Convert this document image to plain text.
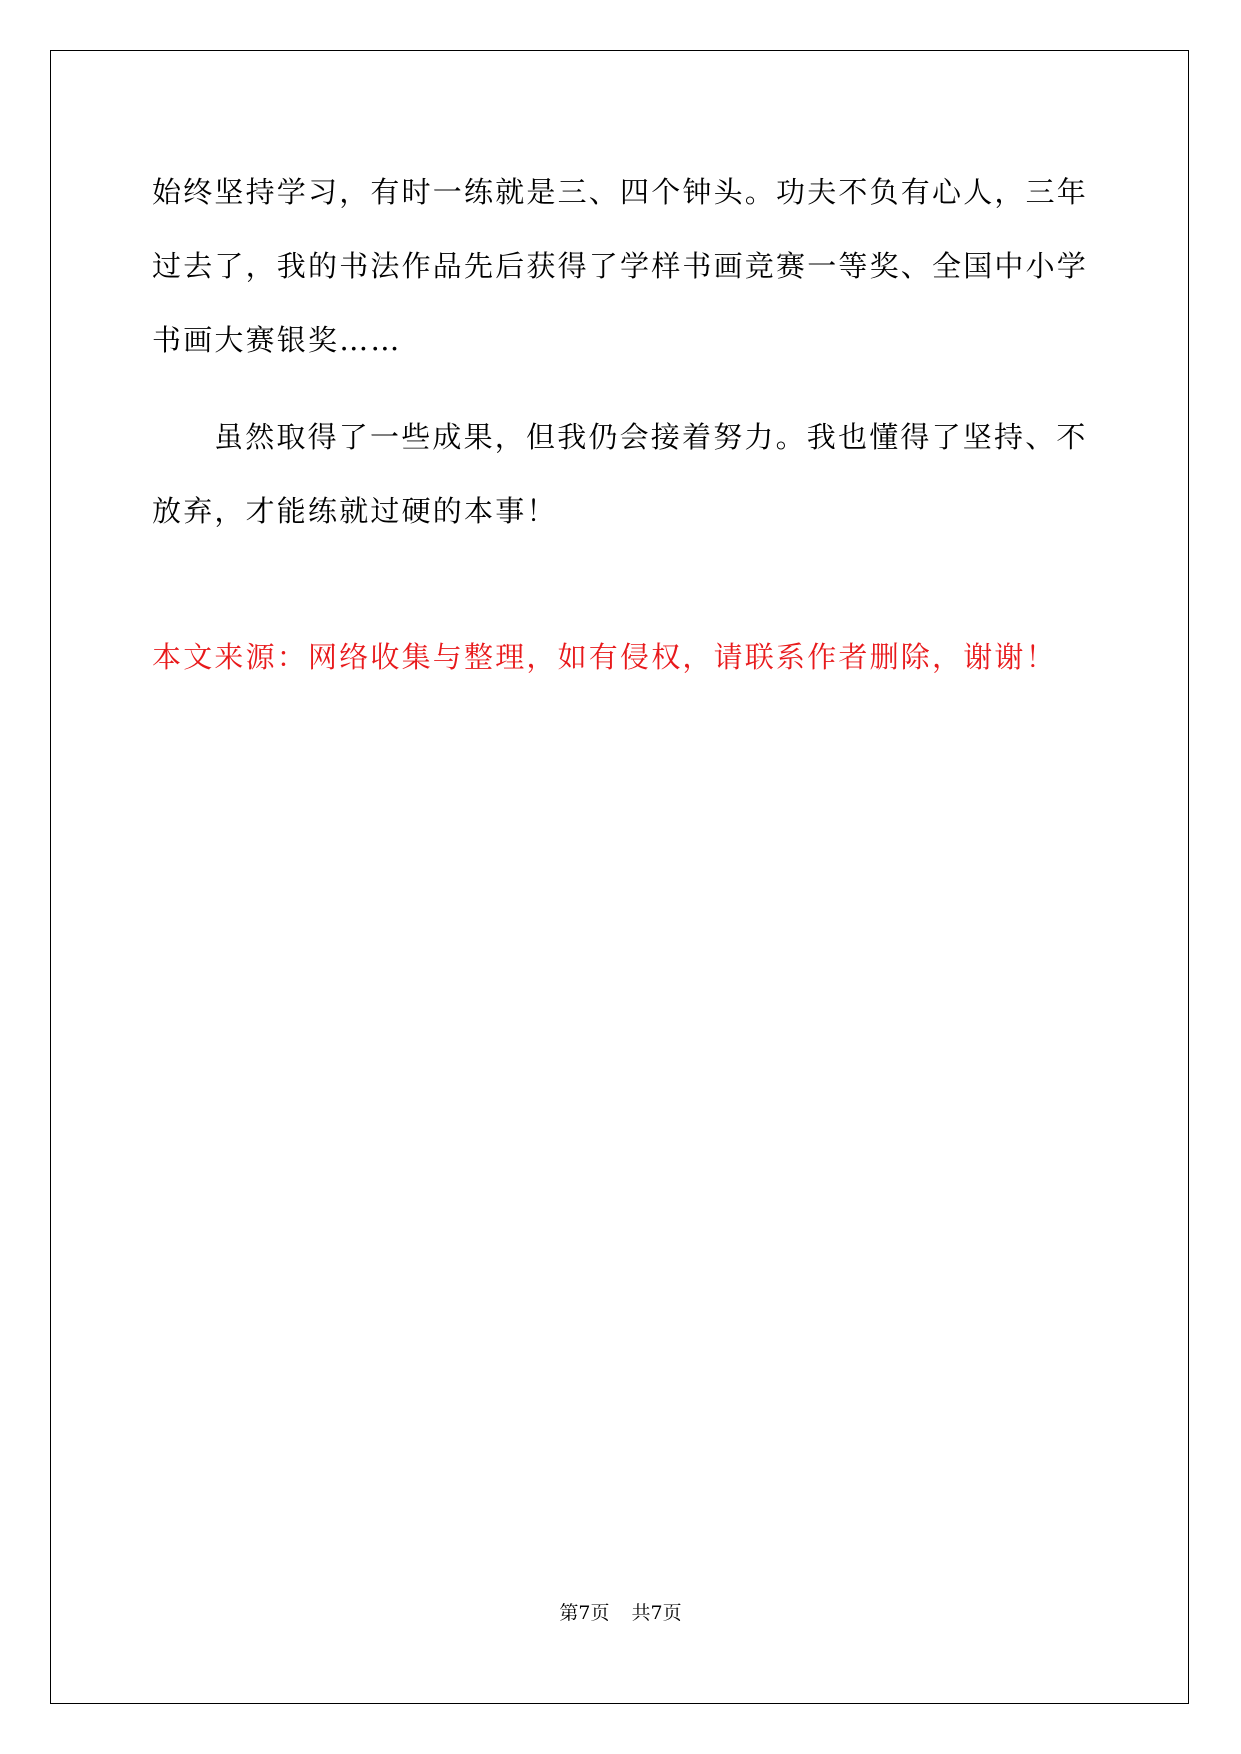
始终坚持学习，有时一练就是三、四个钟头。功夫不负有心人，三年
过去了，我的书法作品先后获得了学样书画竞赛一等奖、全国中小学
书画大赛银奖……
虽然取得了一些成果，但我仍会接着努力。我也懂得了坚持、不
放弃，才能练就过硬的本事！
本文来源：网络收集与整理，如有侵权，请联系作者删除，谢谢！
第7页 共7页
